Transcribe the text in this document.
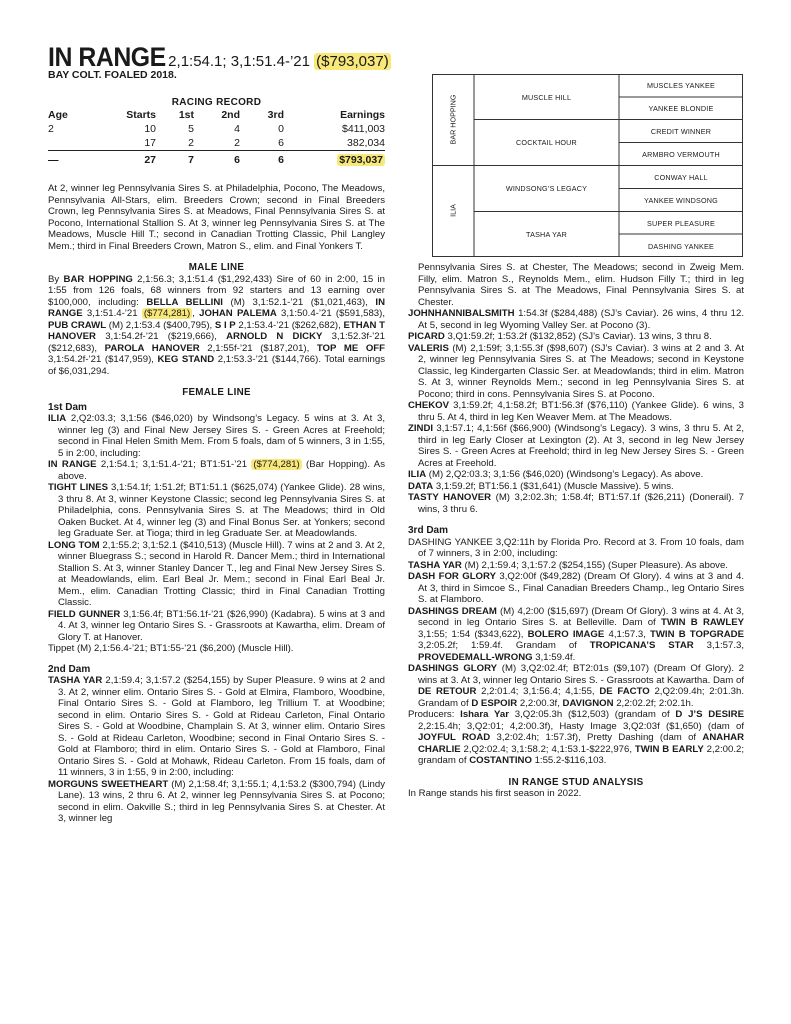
IN RANGE 2,1:54.1; 3,1:51.4-’21 ($793,037)
BAY COLT. FOALED 2018.
RACING RECORD
Age	Starts	1st	2nd	3rd	Earnings
2	10	5	4	0	$411,003
	17	2	2	6	382,034
—	27	7	6	6	$793,037

At 2, winner leg Pennsylvania Sires S. at Philadelphia, Pocono, The Meadows, Pennsylvania All-Stars, elim. Breeders Crown; second in Final Breeders Crown, leg Pennsylvania Sires S. at Meadows, Final Pennsylvania Sires S. at Pocono, International Stallion S. At 3, winner leg Pennsylvania Sires S. at The Meadows, Muscle Hill T.; second in Canadian Trotting Classic, Phil Langley Mem.; third in Final Breeders Crown, Matron S., elim. and Final Yonkers T.

MALE LINE

By BAR HOPPING 2,1:56.3; 3,1:51.4 ($1,292,433) Sire of 60 in 2:00, 15 in 1:55 from 126 foals, 68 winners from 92 starters and 13 earning over $100,000, including: BELLA BELLINI (M) 3,1:52.1-’21 ($1,021,463), IN RANGE 3,1:51.4-’21 ($774,281) , JOHAN PALEMA 3,1:50.4-’21 ($591,583), PUB CRAWL (M) 2,1:53.4 ($400,795), S I P 2,1:53.4-’21 ($262,682), ETHAN T HANOVER 3,1:54.2f-’21 ($219,666), ARNOLD N DICKY 3,1:52.3f-’21 ($212,683), PAROLA HANOVER 2,1:55f-’21 ($187,201), TOP ME OFF 3,1:54.2f-’21 ($147,959), KEG STAND 2,1:53.3-’21 ($144,766). Total earnings of $6,031,294.

FEMALE LINE

1st Dam

ILIA 2,Q2:03.3; 3,1:56 ($46,020) by Windsong’s Legacy. 5 wins at 3. At 3, winner leg (3) and Final New Jersey Sires S. - Green Acres at Freehold; second in Final Helen Smith Mem. From 5 foals, dam of 5 winners, 3 in 1:55, 5 in 2:00, including:

IN RANGE 2,1:54.1; 3,1:51.4-’21; BT1:51-’21 ($774,281) (Bar Hopping). As above.

TIGHT LINES 3,1:54.1f; 1:51.2f; BT1:51.1 ($625,074) (Yankee Glide). 28 wins, 3 thru 8. At 3, winner Keystone Classic; second leg Pennsylvania Sires S. at Philadelphia, cons. Pennsylvania Sires S. at The Meadows; third in Old Oaken Bucket. At 4, winner leg (3) and Final Bonus Ser. at Yonkers; second leg Graduate Ser. at Tioga; third in leg Graduate Ser. at Meadowlands.

LONG TOM 2,1:55.2; 3,1:52.1 ($410,513) (Muscle Hill). 7 wins at 2 and 3. At 2, winner Bluegrass S.; second in Harold R. Dancer Mem.; third in International Stallion S. At 3, winner Stanley Dancer T., leg and Final New Jersey Sires S. at Meadowlands, elim. Earl Beal Jr. Mem.; second in Final Earl Beal Jr. Mem., elim. Canadian Trotting Classic; third in Final Canadian Trotting Classic.

FIELD GUNNER 3,1:56.4f; BT1:56.1f-’21 ($26,990) (Kadabra). 5 wins at 3 and 4. At 3, winner leg Ontario Sires S. - Grassroots at Kawartha, elim. Dream of Glory T. at Hanover.

Tippet (M) 2,1:56.4-’21; BT1:55-’21 ($6,200) (Muscle Hill).

2nd Dam

TASHA YAR 2,1:59.4; 3,1:57.2 ($254,155) by Super Pleasure. 9 wins at 2 and 3. At 2, winner elim. Ontario Sires S. - Gold at Elmira, Flamboro, Woodbine, Final Ontario Sires S. - Gold at Flamboro, leg Trillium T. at Woodbine; second in elim. Ontario Sires S. - Gold at Rideau Carleton, Final Ontario Sires S. - Gold at Woodbine, Champlain S. At 3, winner elim. Ontario Sires S. - Gold at Rideau Carleton, Woodbine; second in Final Ontario Sires S. - Gold at Flamboro; third in elim. Ontario Sires S. - Gold at Flamboro, Final Ontario Sires S. - Gold at Mohawk, Rideau Carleton. From 15 foals, dam of 11 winners, 3 in 1:55, 9 in 2:00, including:

MORGUNS SWEETHEART (M) 2,1:58.4f; 3,1:55.1; 4,1:53.2 ($300,794) (Lindy Lane). 13 wins, 2 thru 6. At 2, winner leg Pennsylvania Sires S. at Pocono; second in elim. Oakville S.; third in leg Pennsylvania Sires S. at Chester. At 3, winner leg

BAR HOPPING
ILIA
MUSCLE HILL
COCKTAIL HOUR
WINDSONG’S LEGACY
TASHA YAR
MUSCLES YANKEE
YANKEE BLONDIE
CREDIT WINNER
ARMBRO VERMOUTH
CONWAY HALL
YANKEE WINDSONG
SUPER PLEASURE
DASHING YANKEE

Pennsylvania Sires S. at Chester, The Meadows; second in Zweig Mem. Filly, elim. Matron S., Reynolds Mem., elim. Hudson Filly T.; third in leg Pennsylvania Sires S. at The Meadows, Final Pennsylvania Sires S. at Chester.

JOHNHANNIBALSMITH 1:54.3f ($284,488) (SJ’s Caviar). 26 wins, 4 thru 12. At 5, second in leg Wyoming Valley Ser. at Pocono (3).

PICARD 3,Q1:59.2f; 1:53.2f ($132,852) (SJ’s Caviar). 13 wins, 3 thru 8.

VALERIS (M) 2,1:59f; 3,1:55.3f ($98,607) (SJ’s Caviar). 3 wins at 2 and 3. At 2, winner leg Pennsylvania Sires S. at The Meadows; second in Keystone Classic, leg Kindergarten Classic Ser. at Meadowlands; third in elim. Matron S. At 3, winner Reynolds Mem.; second in leg Pennsylvania Sires S. at Pocono; third in cons. Pennsylvania Sires S. at Pocono.

CHEKOV 3,1:59.2f; 4,1:58.2f; BT1:56.3f ($76,110) (Yankee Glide). 6 wins, 3 thru 5. At 4, third in leg Ken Weaver Mem. at The Meadows.

ZINDI 3,1:57.1; 4,1:56f ($66,900) (Windsong’s Legacy). 3 wins, 3 thru 5. At 2, third in leg Early Closer at Lexington (2). At 3, second in leg New Jersey Sires S. - Green Acres at Freehold; third in leg New Jersey Sires S. - Green Acres at Freehold.

ILIA (M) 2,Q2:03.3; 3,1:56 ($46,020) (Windsong’s Legacy). As above.

DATA 3,1:59.2f; BT1:56.1 ($31,641) (Muscle Massive). 5 wins.

TASTY HANOVER (M) 3,2:02.3h; 1:58.4f; BT1:57.1f ($26,211) (Donerail). 7 wins, 3 thru 6.

3rd Dam

DASHING YANKEE 3,Q2:11h by Florida Pro. Record at 3. From 10 foals, dam of 7 winners, 3 in 2:00, including:

TASHA YAR (M) 2,1:59.4; 3,1:57.2 ($254,155) (Super Pleasure). As above.

DASH FOR GLORY 3,Q2:00f ($49,282) (Dream Of Glory). 4 wins at 3 and 4. At 3, third in Simcoe S., Final Canadian Breeders Champ., leg Ontario Sires S. at Flamboro.

DASHINGS DREAM (M) 4,2:00 ($15,697) (Dream Of Glory). 3 wins at 4. At 3, second in leg Ontario Sires S. at Belleville. Dam of TWIN B RAWLEY 3,1:55; 1:54 ($343,622), BOLERO IMAGE 4,1:57.3, TWIN B TOPGRADE 3,2:05.2f; 1:59.4f. Grandam of TROPICANA’S STAR 3,1:57.3, PROVEDEMALL-WRONG 3,1:59.4f.

DASHINGS GLORY (M) 3,Q2:02.4f; BT2:01s ($9,107) (Dream Of Glory). 2 wins at 3. At 3, winner leg Ontario Sires S. - Grassroots at Kawartha. Dam of DE RETOUR 2,2:01.4; 3,1:56.4; 4,1:55, DE FACTO 2,Q2:09.4h; 2:01.3h. Grandam of D ESPOIR 2,2:00.3f, DAVIGNON 2,2:02.2f; 2:02.1h.

Producers: Ishara Yar 3,Q2:05.3h ($12,503) (grandam of D J’S DESIRE 2,2:15.4h; 3,Q2:01; 4,2:00.3f), Hasty Image 3,Q2:03f ($1,650) (dam of JOYFUL ROAD 3,2:02.4h; 1:57.3f), Pretty Dashing (dam of ANAHAR CHARLIE 2,Q2:02.4; 3,1:58.2; 4,1:53.1-$222,976, TWIN B EARLY 2,2:00.2; grandam of COSTANTINO 1:55.2-$116,103.

IN RANGE STUD ANALYSIS

In Range stands his first season in 2022.
